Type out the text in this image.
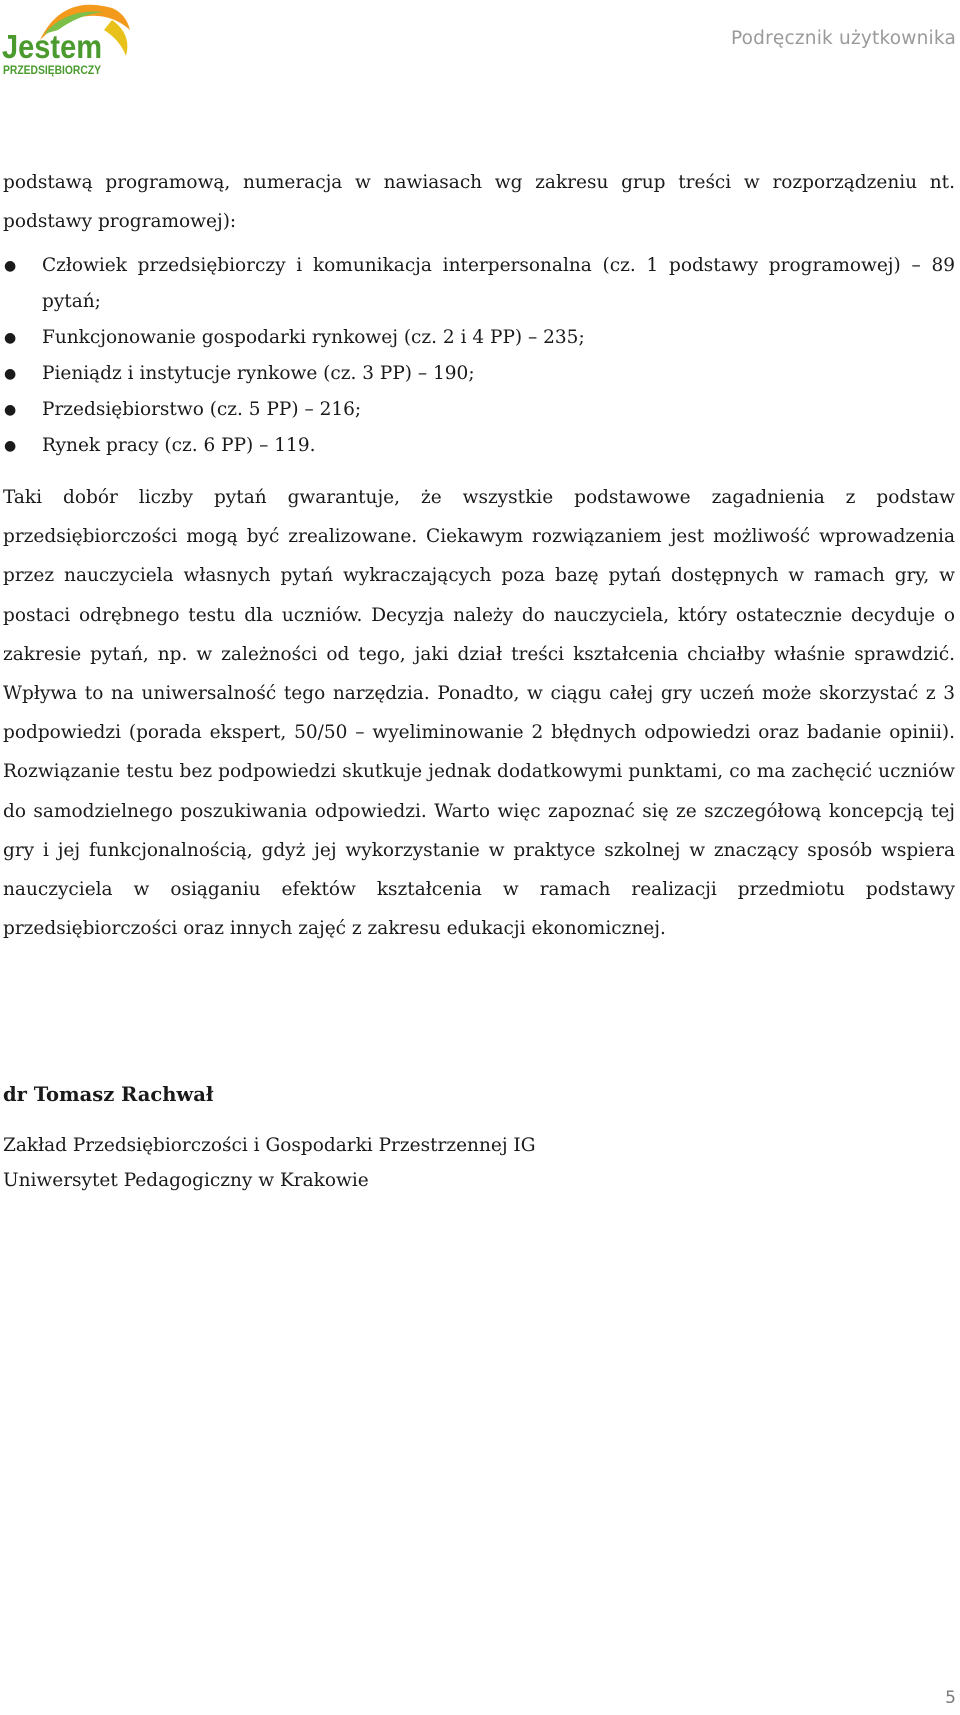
Jestem
PRZEDSIĘBIORCZY
Podręcznik użytkownika

podstawą programową, numeracja w nawiasach wg zakresu grup treści w rozporządzeniu nt. podstawy programowej):

● Człowiek przedsiębiorczy i komunikacja interpersonalna (cz. 1 podstawy programowej) – 89 pytań;
● Funkcjonowanie gospodarki rynkowej (cz. 2 i 4 PP) – 235;
● Pieniądz i instytucje rynkowe (cz. 3 PP) – 190;
● Przedsiębiorstwo (cz. 5 PP) – 216;
● Rynek pracy (cz. 6 PP) – 119.

Taki dobór liczby pytań gwarantuje, że wszystkie podstawowe zagadnienia z podstaw przedsiębiorczości mogą być zrealizowane. Ciekawym rozwiązaniem jest możliwość wprowadzenia przez nauczyciela własnych pytań wykraczających poza bazę pytań dostępnych w ramach gry, w postaci odrębnego testu dla uczniów. Decyzja należy do nauczyciela, który ostatecznie decyduje o zakresie pytań, np. w zależności od tego, jaki dział treści kształcenia chciałby właśnie sprawdzić. Wpływa to na uniwersalność tego narzędzia. Ponadto, w ciągu całej gry uczeń może skorzystać z 3 podpowiedzi (porada ekspert, 50/50 – wyeliminowanie 2 błędnych odpowiedzi oraz badanie opinii). Rozwiązanie testu bez podpowiedzi skutkuje jednak dodatkowymi punktami, co ma zachęcić uczniów do samodzielnego poszukiwania odpowiedzi. Warto więc zapoznać się ze szczegółową koncepcją tej gry i jej funkcjonalnością, gdyż jej wykorzystanie w praktyce szkolnej w znaczący sposób wspiera nauczyciela w osiąganiu efektów kształcenia w ramach realizacji przedmiotu podstawy przedsiębiorczości oraz innych zajęć z zakresu edukacji ekonomicznej.

dr Tomasz Rachwał

Zakład Przedsiębiorczości i Gospodarki Przestrzennej IG

Uniwersytet Pedagogiczny w Krakowie

5
